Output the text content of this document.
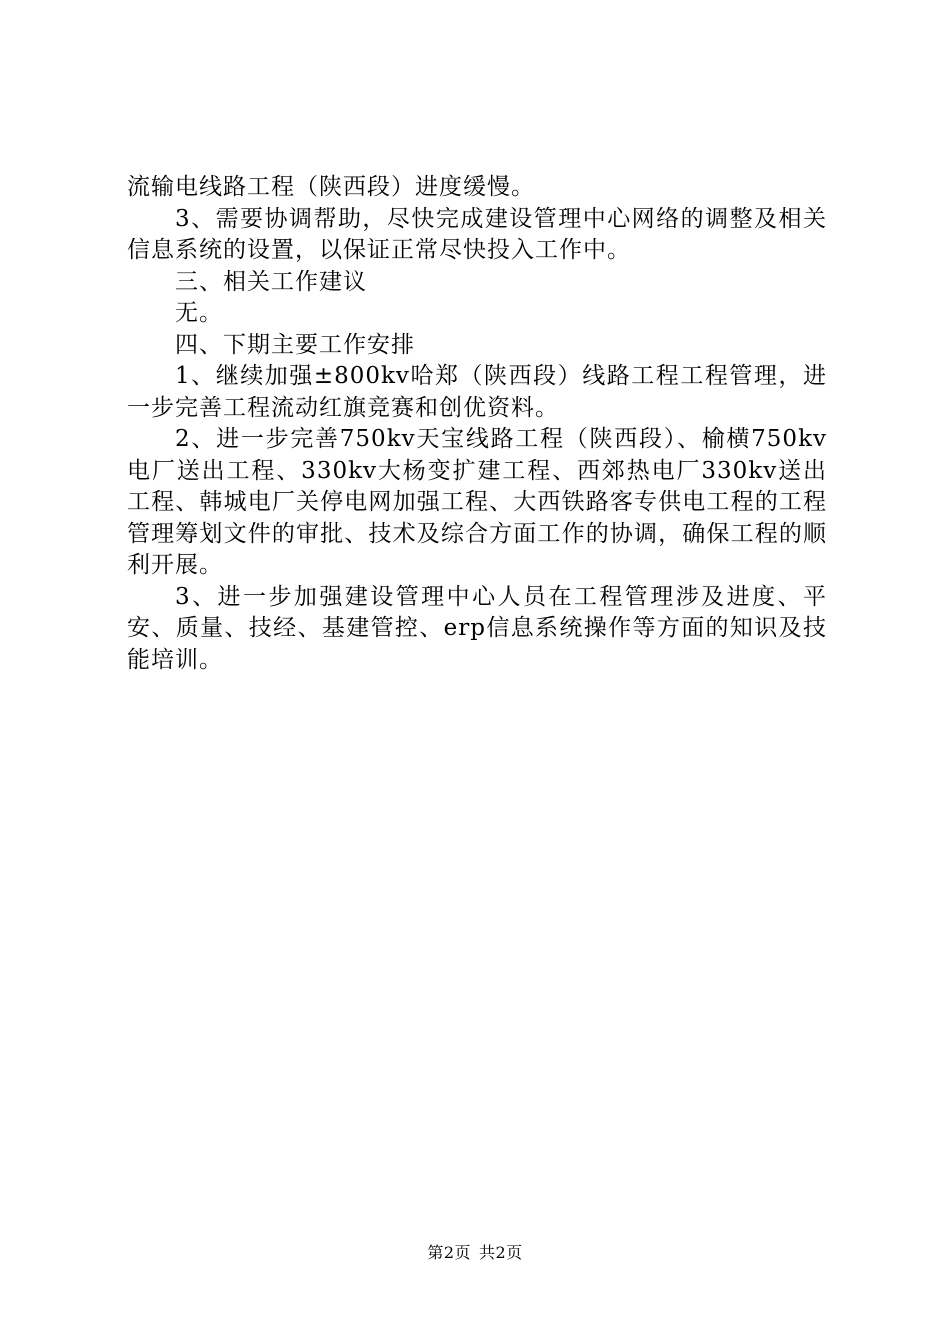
流输电线路工程（陕西段）进度缓慢。

3、需要协调帮助，尽快完成建设管理中心网络的调整及相关信息系统的设置，以保证正常尽快投入工作中。

三、相关工作建议

无。

四、下期主要工作安排

1、继续加强±800kv哈郑（陕西段）线路工程工程管理，进一步完善工程流动红旗竞赛和创优资料。

2、进一步完善750kv天宝线路工程（陕西段）、榆横750kv电厂送出工程、330kv大杨变扩建工程、西郊热电厂330kv送出工程、韩城电厂关停电网加强工程、大西铁路客专供电工程的工程管理筹划文件的审批、技术及综合方面工作的协调，确保工程的顺利开展。

3、进一步加强建设管理中心人员在工程管理涉及进度、平安、质量、技经、基建管控、erp信息系统操作等方面的知识及技能培训。

第2页 共2页
